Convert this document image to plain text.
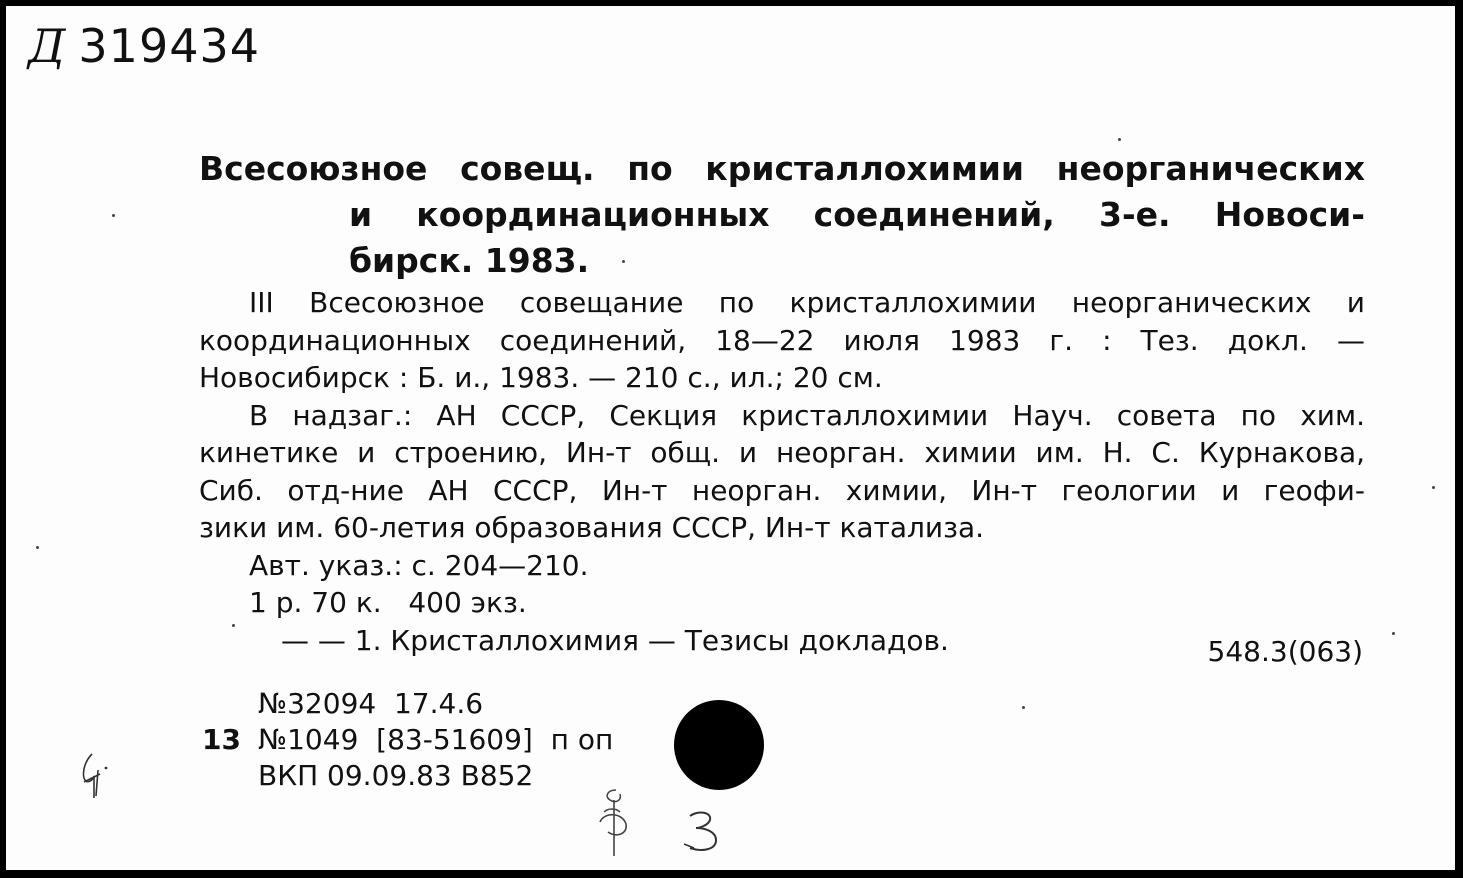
Д 319434
Всесоюзное совещ. по кристаллохимии неорганических
и координационных соединений, 3-е. Новоси-
бирск. 1983.
III Всесоюзное совещание по кристаллохимии неорганических и
координационных соединений, 18—22 июля 1983 г. : Тез. докл. —
Новосибирск : Б. и., 1983. — 210 с., ил.; 20 см.
В надзаг.: АН СССР, Секция кристаллохимии Науч. совета по хим.
кинетике и строению, Ин-т общ. и неорган. химии им. Н. С. Курнакова,
Сиб. отд-ние АН СССР, Ин-т неорган. химии, Ин-т геологии и геофи-
зики им. 60-летия образования СССР, Ин-т катализа.
Авт. указ.: с. 204—210.
1 р. 70 к.   400 экз.
— — 1. Кристаллохимия — Тезисы докладов.	548.3(063)
№32094  17.4.6
13 №1049  [83-51609]  п оп
ВКП 09.09.83 В852
